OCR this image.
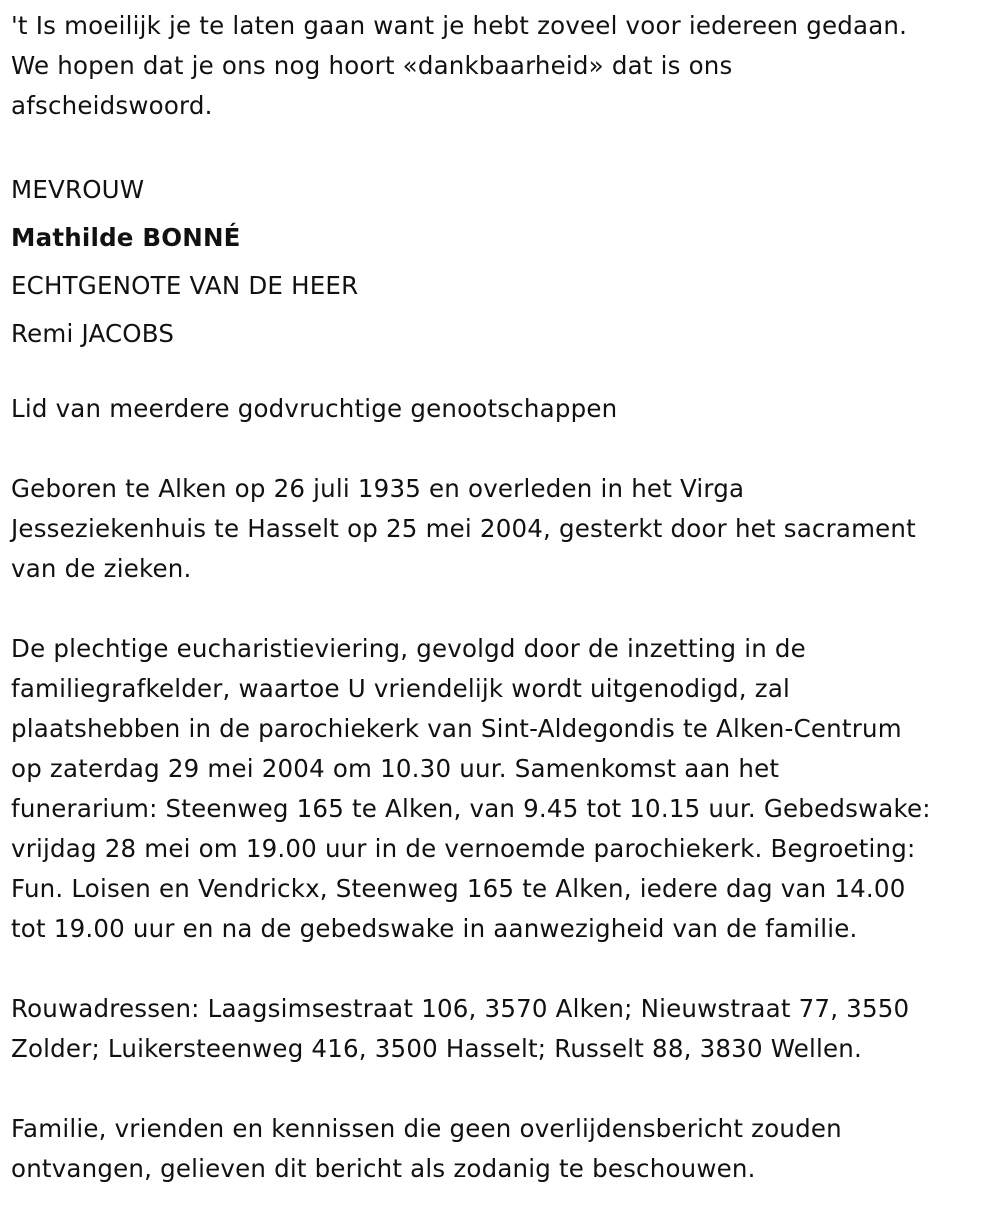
't Is moeilijk je te laten gaan want je hebt zoveel voor iedereen gedaan.
We hopen dat je ons nog hoort «dankbaarheid» dat is ons
afscheidswoord.
MEVROUW
Mathilde BONNÉ
ECHTGENOTE VAN DE HEER
Remi JACOBS
Lid van meerdere godvruchtige genootschappen
Geboren te Alken op 26 juli 1935 en overleden in het Virga
Jesseziekenhuis te Hasselt op 25 mei 2004, gesterkt door het sacrament
van de zieken.
De plechtige eucharistieviering, gevolgd door de inzetting in de
familiegrafkelder, waartoe U vriendelijk wordt uitgenodigd, zal
plaatshebben in de parochiekerk van Sint-Aldegondis te Alken-Centrum
op zaterdag 29 mei 2004 om 10.30 uur. Samenkomst aan het
funerarium: Steenweg 165 te Alken, van 9.45 tot 10.15 uur. Gebedswake:
vrijdag 28 mei om 19.00 uur in de vernoemde parochiekerk. Begroeting:
Fun. Loisen en Vendrickx, Steenweg 165 te Alken, iedere dag van 14.00
tot 19.00 uur en na de gebedswake in aanwezigheid van de familie.
Rouwadressen: Laagsimsestraat 106, 3570 Alken; Nieuwstraat 77, 3550
Zolder; Luikersteenweg 416, 3500 Hasselt; Russelt 88, 3830 Wellen.
Familie, vrienden en kennissen die geen overlijdensbericht zouden
ontvangen, gelieven dit bericht als zodanig te beschouwen.
